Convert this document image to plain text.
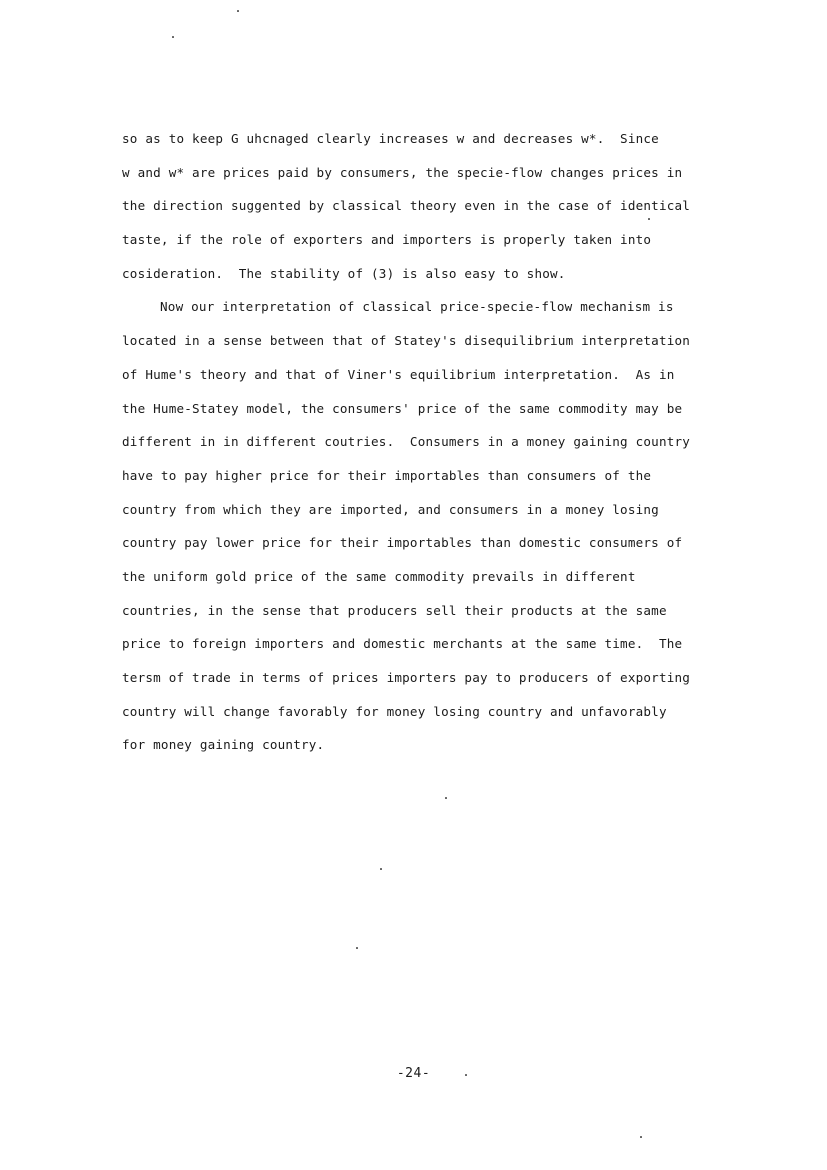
so as to keep G uhcnaged clearly increases w and decreases w*.  Since
w and w* are prices paid by consumers, the specie-flow changes prices in
the direction suggented by classical theory even in the case of identical
taste, if the role of exporters and importers is properly taken into
cosideration.  The stability of (3) is also easy to show.
Now our interpretation of classical price-specie-flow mechanism is
located in a sense between that of Statey's disequilibrium interpretation
of Hume's theory and that of Viner's equilibrium interpretation.  As in
the Hume-Statey model, the consumers' price of the same commodity may be
different in in different coutries.  Consumers in a money gaining country
have to pay higher price for their importables than consumers of the
country from which they are imported, and consumers in a money losing
country pay lower price for their importables than domestic consumers of
the uniform gold price of the same commodity prevails in different
countries, in the sense that producers sell their products at the same
price to foreign importers and domestic merchants at the same time.  The
tersm of trade in terms of prices importers pay to producers of exporting
country will change favorably for money losing country and unfavorably
for money gaining country.
-24-
